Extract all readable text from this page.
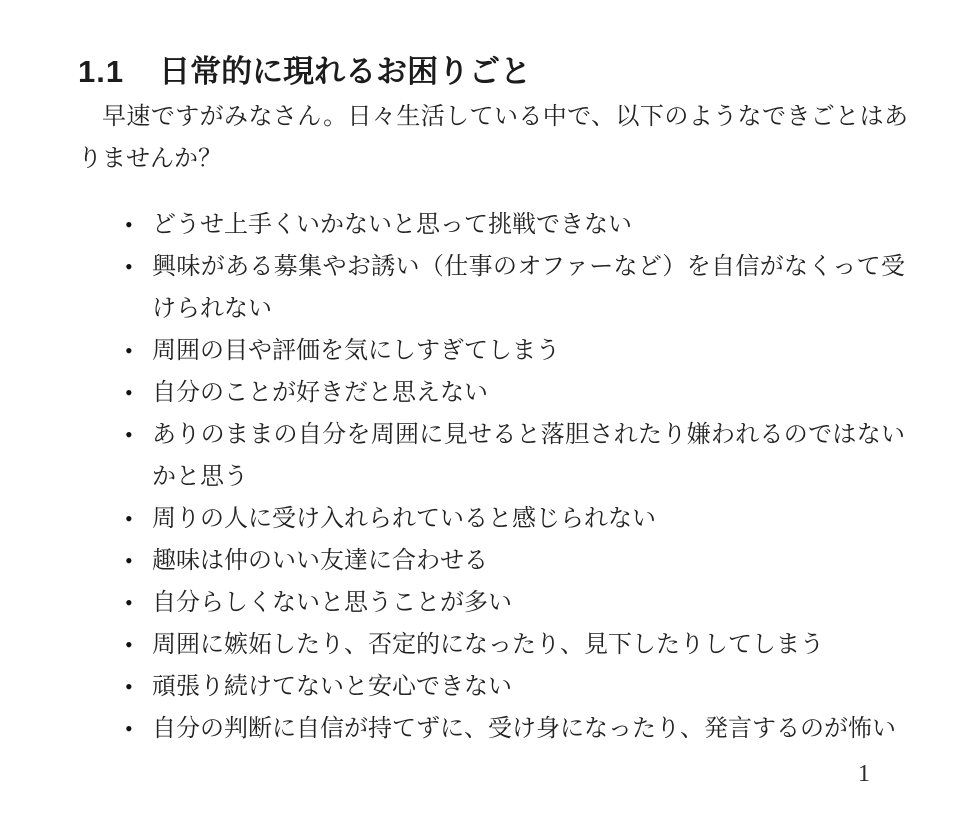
1.1 日常的に現れるお困りごと

早速ですがみなさん。日々生活している中で、以下のようなできごとはありませんか？

• どうせ上手くいかないと思って挑戦できない
• 興味がある募集やお誘い（仕事のオファーなど）を自信がなくって受けられない
• 周囲の目や評価を気にしすぎてしまう
• 自分のことが好きだと思えない
• ありのままの自分を周囲に見せると落胆されたり嫌われるのではないかと思う
• 周りの人に受け入れられていると感じられない
• 趣味は仲のいい友達に合わせる
• 自分らしくないと思うことが多い
• 周囲に嫉妬したり、否定的になったり、見下したりしてしまう
• 頑張り続けてないと安心できない
• 自分の判断に自信が持てずに、受け身になったり、発言するのが怖い
1
